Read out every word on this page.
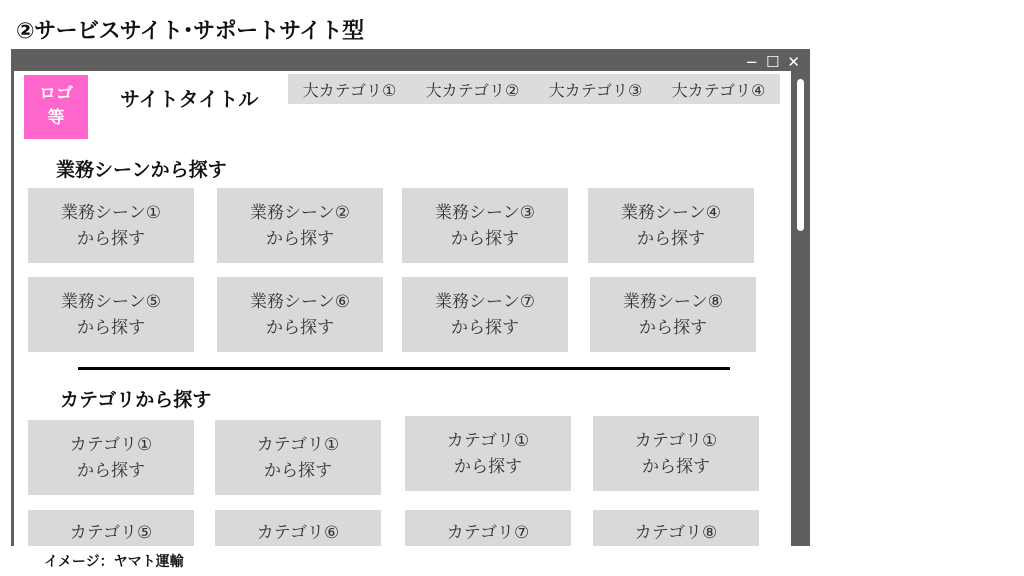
②サービスサイト･サポートサイト型
− ☐ ✕
ロゴ
等
サイトタイトル	大カテゴリ① 大カテゴリ② 大カテゴリ③ 大カテゴリ④
業務シーンから探す
業務シーン①
から探す
業務シーン②
から探す
業務シーン③
から探す
業務シーン④
から探す
業務シーン⑤
から探す
業務シーン⑥
から探す
業務シーン⑦
から探す
業務シーン⑧
から探す
カテゴリから探す
カテゴリ①
から探す
カテゴリ①
から探す
カテゴリ①
から探す
カテゴリ①
から探す
カテゴリ⑤	カテゴリ⑥	カテゴリ⑦	カテゴリ⑧
イメージ：ヤマト運輸
